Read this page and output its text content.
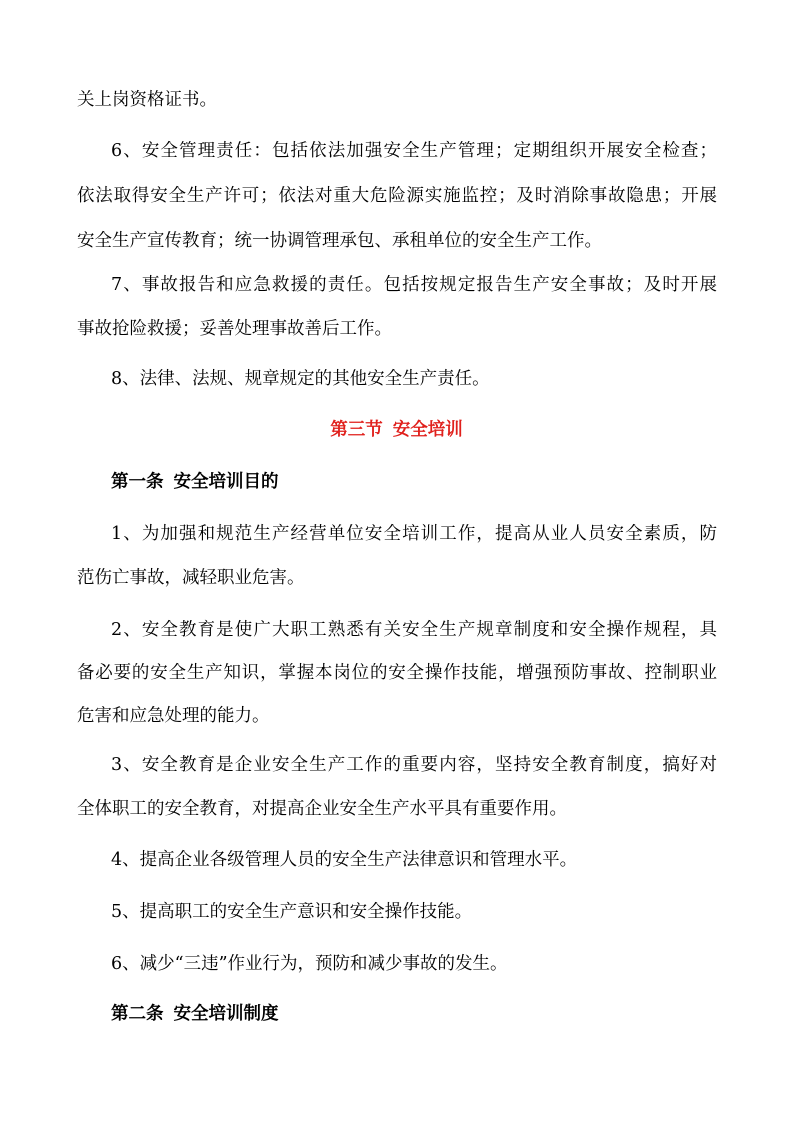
关上岗资格证书。
6、安全管理责任：包括依法加强安全生产管理；定期组织开展安全检查；
依法取得安全生产许可；依法对重大危险源实施监控；及时消除事故隐患；开展
安全生产宣传教育；统一协调管理承包、承租单位的安全生产工作。
7、事故报告和应急救援的责任。包括按规定报告生产安全事故；及时开展
事故抢险救援；妥善处理事故善后工作。
8、法律、法规、规章规定的其他安全生产责任。
第三节 安全培训
第一条 安全培训目的
1、为加强和规范生产经营单位安全培训工作，提高从业人员安全素质，防
范伤亡事故，减轻职业危害。
2、安全教育是使广大职工熟悉有关安全生产规章制度和安全操作规程，具
备必要的安全生产知识，掌握本岗位的安全操作技能，增强预防事故、控制职业
危害和应急处理的能力。
3、安全教育是企业安全生产工作的重要内容，坚持安全教育制度，搞好对
全体职工的安全教育，对提高企业安全生产水平具有重要作用。
4、提高企业各级管理人员的安全生产法律意识和管理水平。
5、提高职工的安全生产意识和安全操作技能。
6、减少“三违”作业行为，预防和减少事故的发生。
第二条 安全培训制度
